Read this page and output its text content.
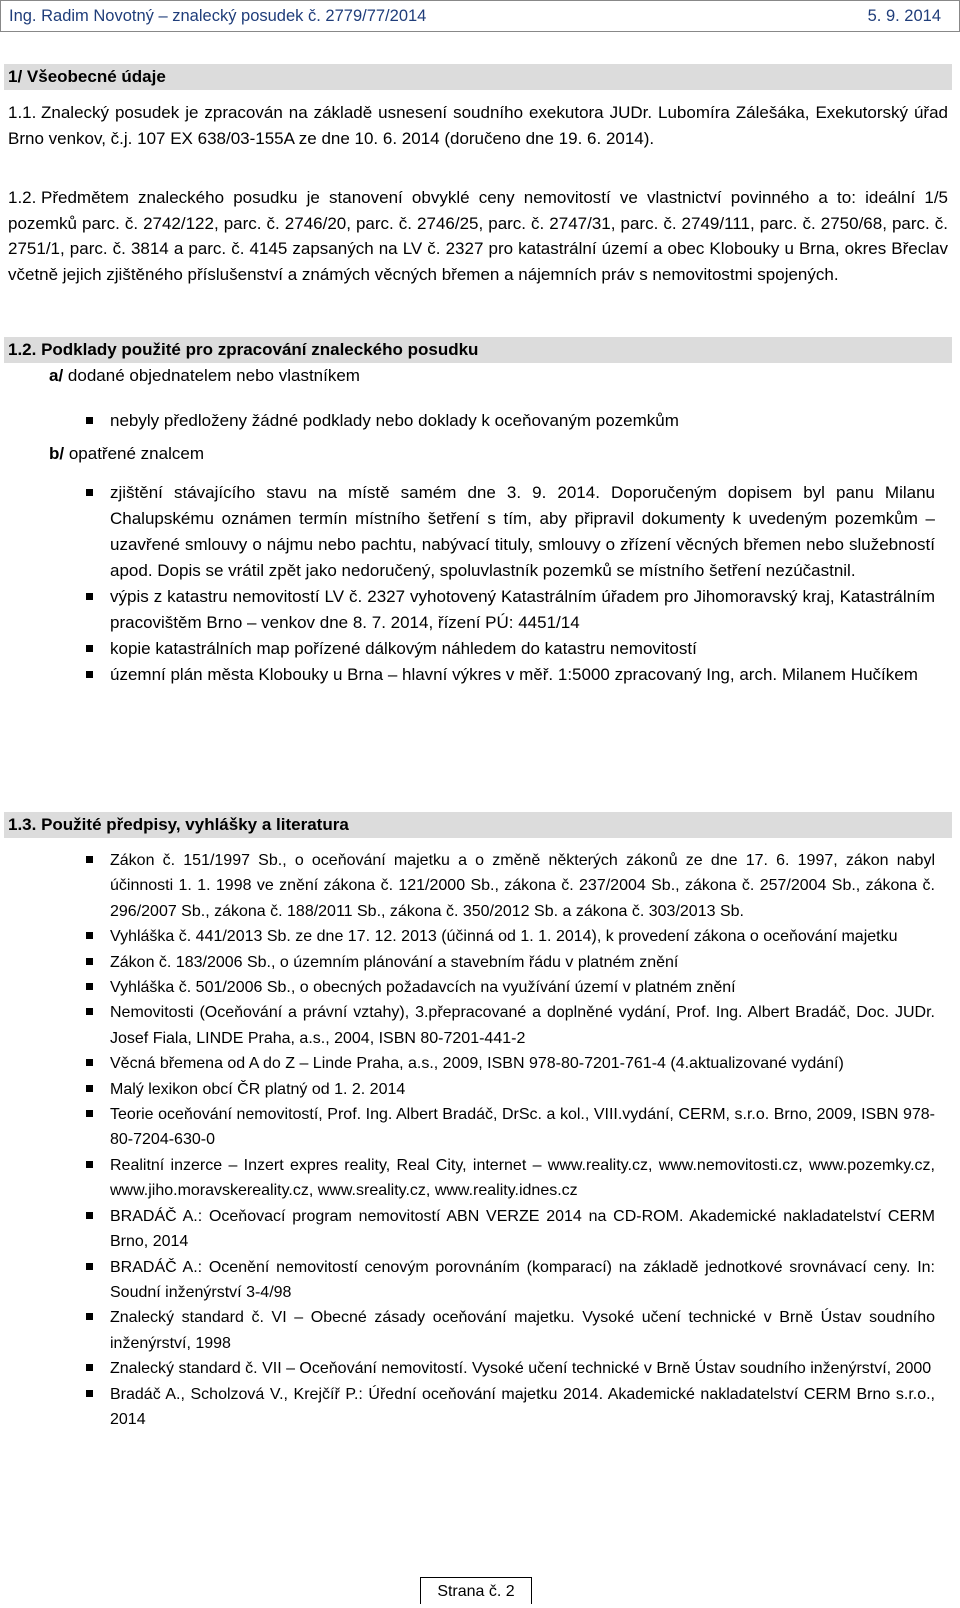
Ing. Radim Novotný – znalecký posudek č. 2779/77/2014	5. 9. 2014
1/ Všeobecné údaje
1.1. Znalecký posudek je zpracován na základě usnesení soudního exekutora JUDr. Lubomíra Zálešáka, Exekutorský úřad Brno venkov, č.j. 107 EX 638/03-155A ze dne 10. 6. 2014 (doručeno dne 19. 6. 2014).
1.2. Předmětem znaleckého posudku je stanovení obvyklé ceny nemovitostí ve vlastnictví povinného a to: ideální 1/5 pozemků parc. č. 2742/122, parc. č. 2746/20, parc. č. 2746/25, parc. č. 2747/31, parc. č. 2749/111, parc. č. 2750/68, parc. č. 2751/1, parc. č. 3814 a parc. č. 4145 zapsaných na LV č. 2327 pro katastrální území a obec Klobouky u Brna, okres Břeclav včetně jejich zjištěného příslušenství a známých věcných břemen a nájemních práv s nemovitostmi spojených.
1.2. Podklady použité pro zpracování znaleckého posudku
a/ dodané objednatelem nebo vlastníkem
nebyly předloženy žádné podklady nebo doklady k oceňovaným pozemkům
b/ opatřené znalcem
zjištění stávajícího stavu na místě samém dne 3. 9. 2014. Doporučeným dopisem byl panu Milanu Chalupskému oznámen termín místního šetření s tím, aby připravil dokumenty k uvedeným pozemkům – uzavřené smlouvy o nájmu nebo pachtu, nabývací tituly, smlouvy o zřízení věcných břemen nebo služebností apod. Dopis se vrátil zpět jako nedoručený, spoluvlastník pozemků se místního šetření nezúčastnil.
výpis z katastru nemovitostí LV č. 2327 vyhotovený Katastrálním úřadem pro Jihomoravský kraj, Katastrálním pracovištěm Brno – venkov dne 8. 7. 2014, řízení PÚ: 4451/14
kopie katastrálních map pořízené dálkovým náhledem do katastru nemovitostí
územní plán města Klobouky u Brna – hlavní výkres v měř. 1:5000 zpracovaný Ing, arch. Milanem Hučíkem
1.3. Použité předpisy, vyhlášky a literatura
Zákon č. 151/1997 Sb., o oceňování majetku a o změně některých zákonů ze dne 17. 6. 1997, zákon nabyl účinnosti 1. 1. 1998 ve znění zákona č. 121/2000 Sb., zákona č. 237/2004 Sb., zákona č. 257/2004 Sb., zákona č. 296/2007 Sb., zákona č. 188/2011 Sb., zákona č. 350/2012 Sb. a zákona č. 303/2013 Sb.
Vyhláška č. 441/2013 Sb. ze dne 17. 12. 2013 (účinná od 1. 1. 2014), k provedení zákona o oceňování majetku
Zákon č. 183/2006 Sb., o územním plánování a stavebním řádu v platném znění
Vyhláška č. 501/2006 Sb., o obecných požadavcích na využívání území v platném znění
Nemovitosti (Oceňování a právní vztahy), 3.přepracované a doplněné vydání, Prof. Ing. Albert Bradáč, Doc. JUDr. Josef Fiala, LINDE Praha, a.s., 2004, ISBN 80-7201-441-2
Věcná břemena od A do Z – Linde Praha, a.s., 2009, ISBN 978-80-7201-761-4 (4.aktualizované vydání)
Malý lexikon obcí ČR platný od 1. 2. 2014
Teorie oceňování nemovitostí, Prof. Ing. Albert Bradáč, DrSc. a kol., VIII.vydání, CERM, s.r.o. Brno, 2009, ISBN 978-80-7204-630-0
Realitní inzerce – Inzert expres reality, Real City, internet – www.reality.cz, www.nemovitosti.cz, www.pozemky.cz, www.jiho.moravskereality.cz, www.sreality.cz, www.reality.idnes.cz
BRADÁČ A.: Oceňovací program nemovitostí ABN VERZE 2014 na CD-ROM. Akademické nakladatelství CERM Brno, 2014
BRADÁČ A.: Ocenění nemovitostí cenovým porovnáním (komparací) na základě jednotkové srovnávací ceny. In: Soudní inženýrství 3-4/98
Znalecký standard č. VI – Obecné zásady oceňování majetku. Vysoké učení technické v Brně Ústav soudního inženýrství, 1998
Znalecký standard č. VII – Oceňování nemovitostí. Vysoké učení technické v Brně Ústav soudního inženýrství, 2000
Bradáč A., Scholzová V., Krejčíř P.: Úřední oceňování majetku 2014. Akademické nakladatelství CERM Brno s.r.o., 2014
Strana č. 2
